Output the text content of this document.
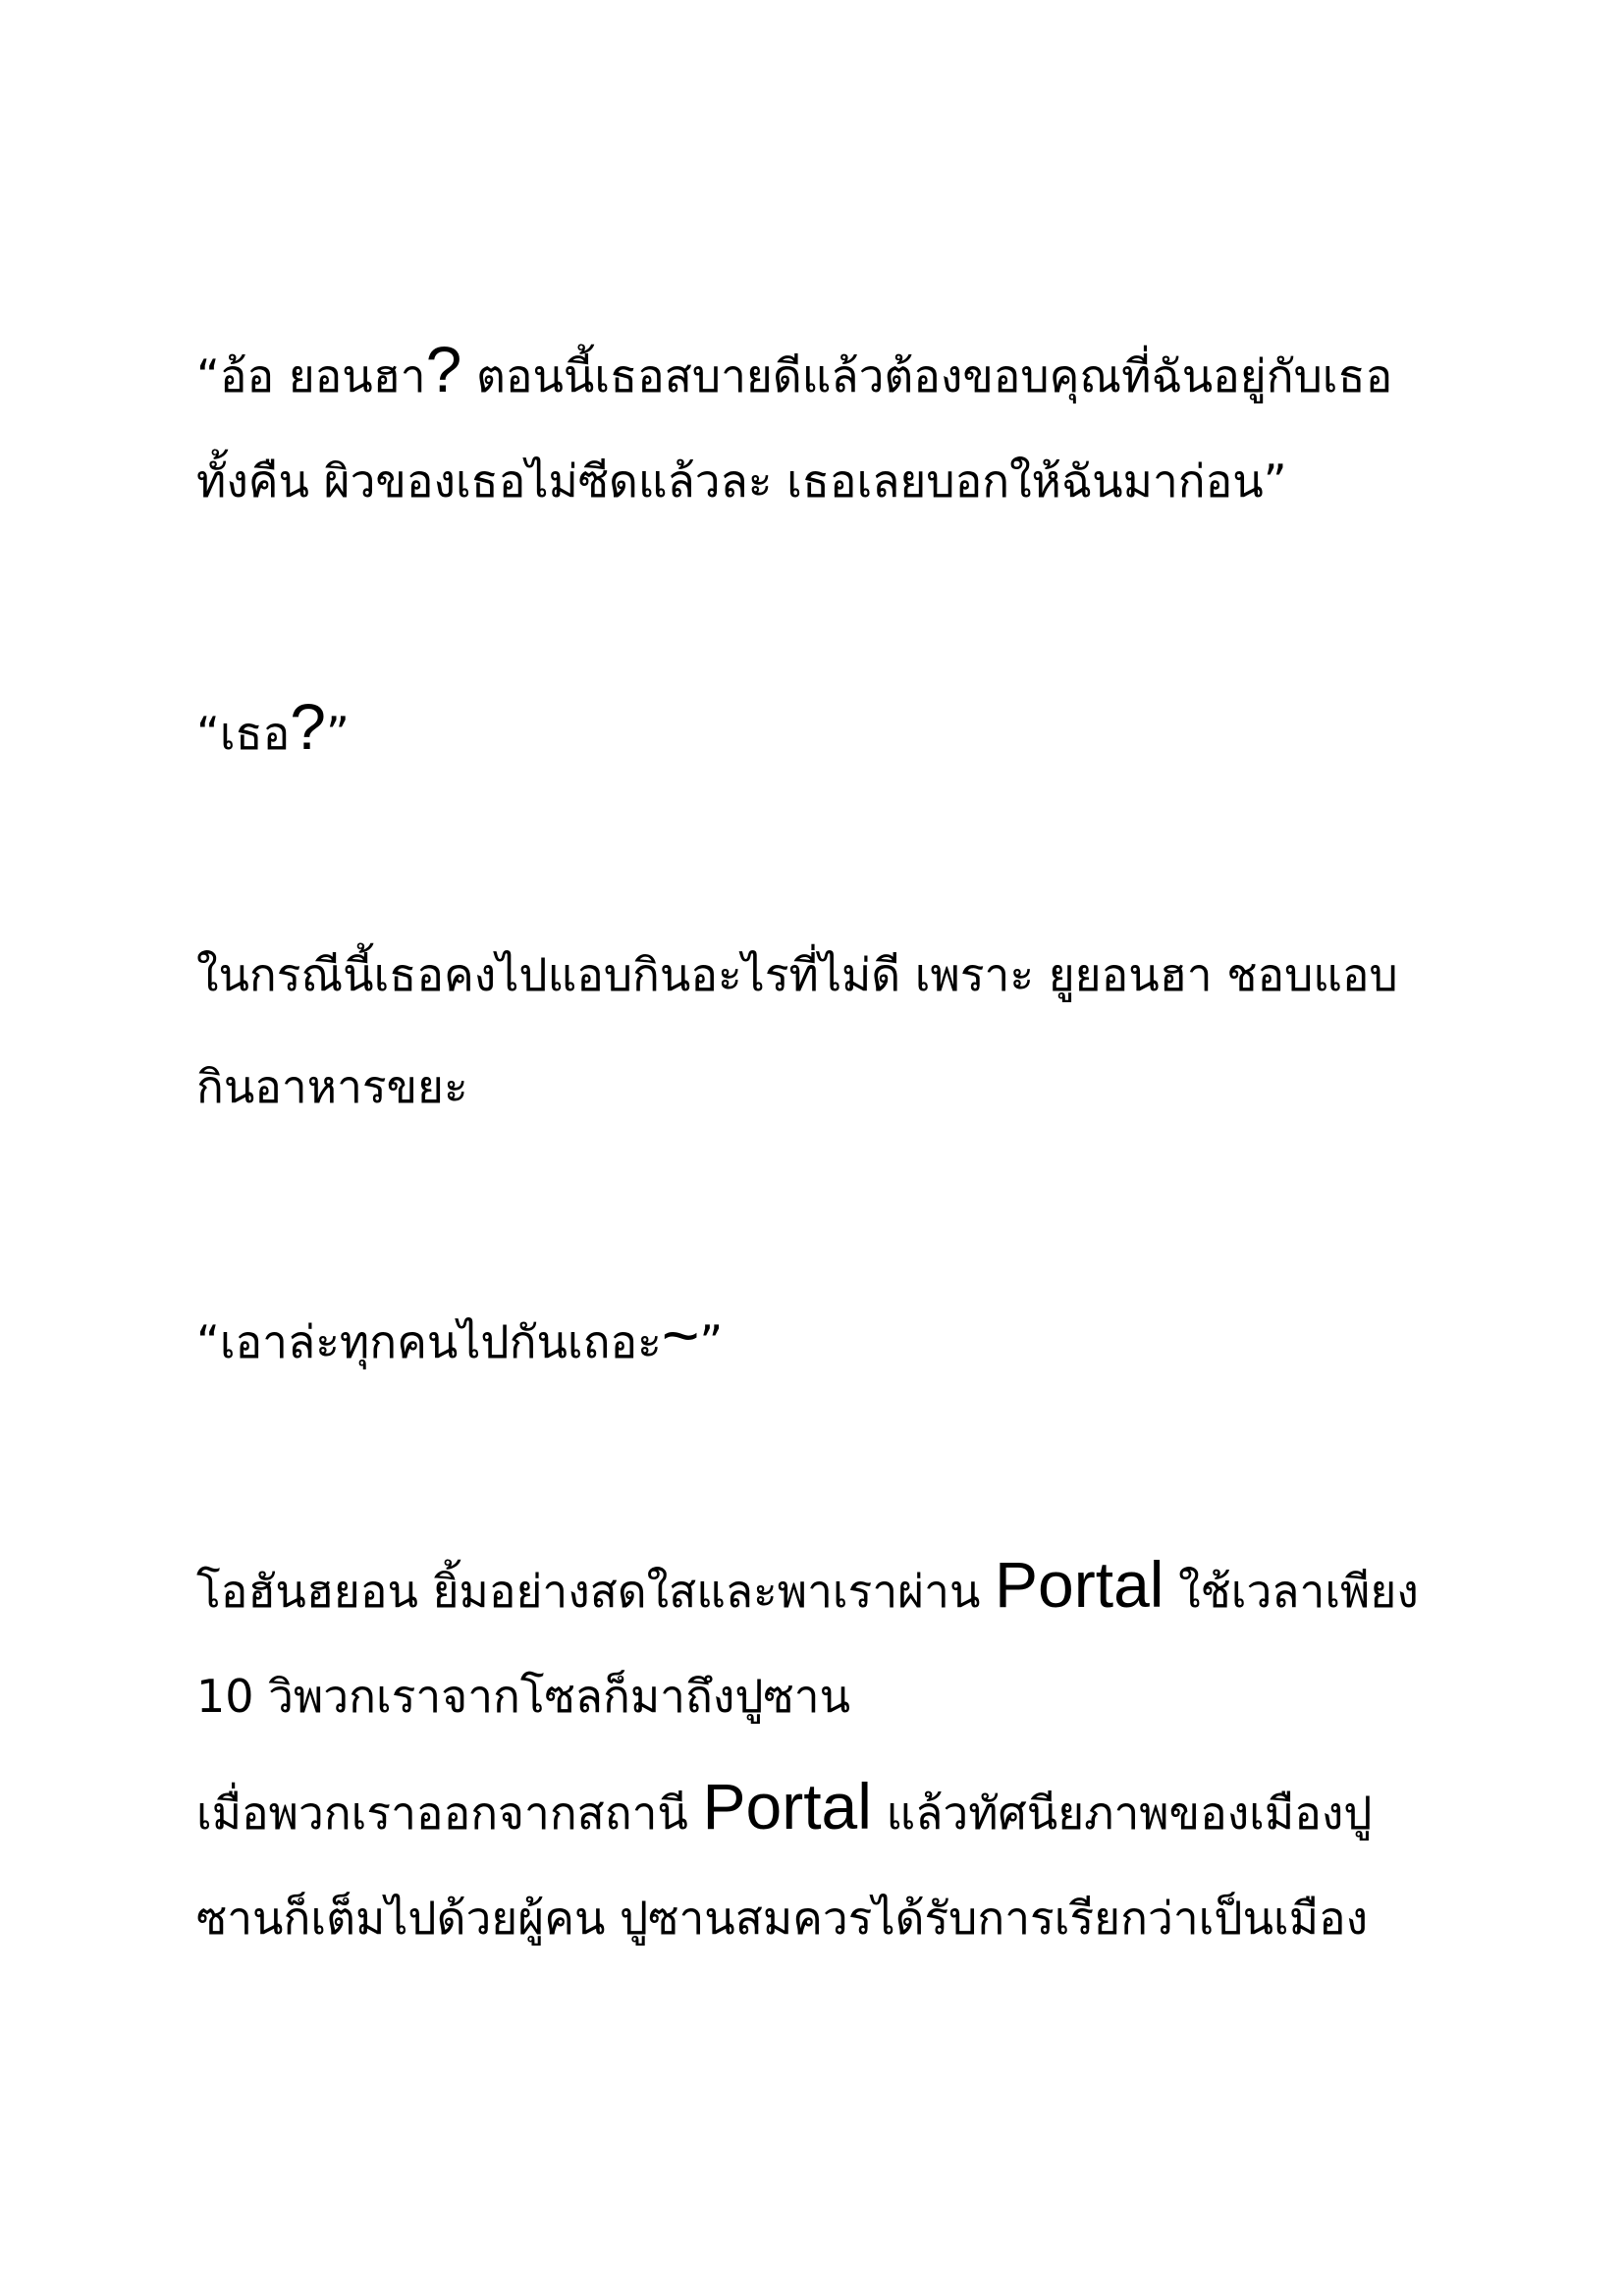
“อ้อ ยอนฮา? ตอนนี้เธอสบายดีแล้วต้องขอบคุณที่ฉันอยู่กับเธอ
ทั้งคืน ผิวของเธอไม่ซีดแล้วละ เธอเลยบอกให้ฉันมาก่อน”
“เธอ?”
ในกรณีนี้เธอคงไปแอบกินอะไรที่ไม่ดี เพราะ ยูยอนฮา ชอบแอบ
กินอาหารขยะ
“เอาล่ะทุกคนไปกันเถอะ~”
โอฮันฮยอน ยิ้มอย่างสดใสและพาเราผ่าน Portal ใช้เวลาเพียง
10 วิพวกเราจากโซลก็มาถึงปูซาน
เมื่อพวกเราออกจากสถานี Portal แล้วทัศนียภาพของเมืองปู
ซานก็เต็มไปด้วยผู้คน ปูซานสมควรได้รับการเรียกว่าเป็นเมือง
